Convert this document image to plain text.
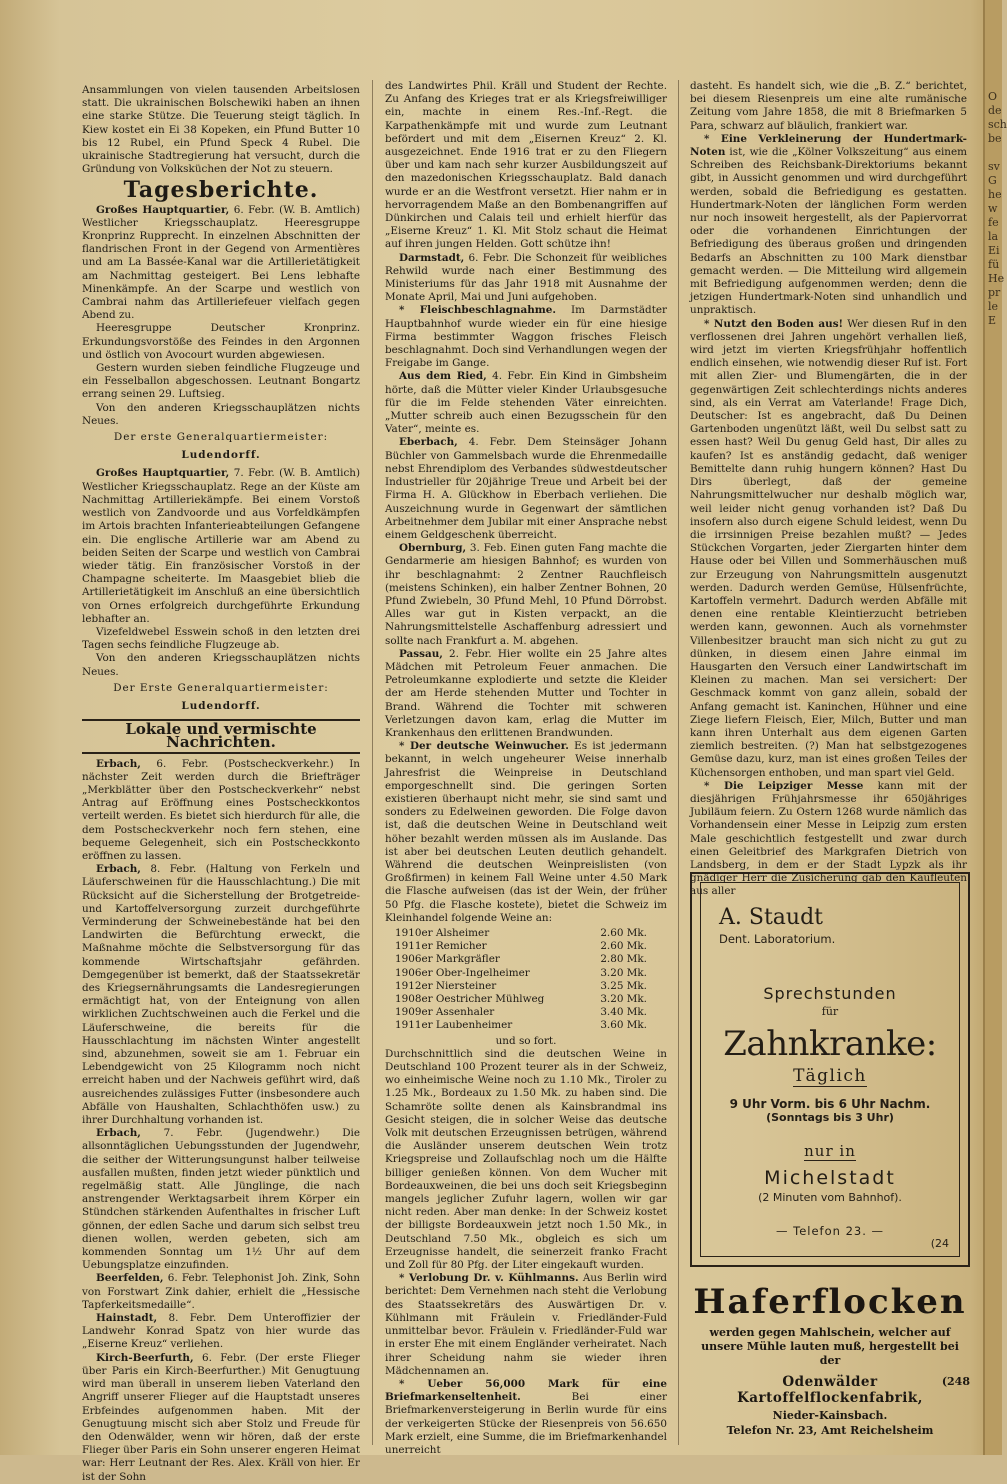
Ansammlungen von vielen tausenden Arbeitslosen statt. Die ukrainischen Bolschewiki haben an ihnen eine starke Stütze. Die Teuerung steigt täglich. In Kiew kostet ein Ei 38 Kopeken, ein Pfund Butter 10 bis 12 Rubel, ein Pfund Speck 4 Rubel. Die ukrainische Stadtregierung hat versucht, durch die Gründung von Volksküchen der Not zu steuern.

Tagesberichte.

Großes Hauptquartier, 6. Febr. (W. B. Amtlich) Westlicher Kriegsschauplatz. Heeresgruppe Kronprinz Rupprecht. In einzelnen Abschnitten der flandrischen Front in der Gegend von Armentières und am La Bassée-Kanal war die Artillerietätigkeit am Nachmittag gesteigert. Bei Lens lebhafte Minenkämpfe. An der Scarpe und westlich von Cambrai nahm das Artilleriefeuer vielfach gegen Abend zu.

Heeresgruppe Deutscher Kronprinz. Erkundungsvorstöße des Feindes in den Argonnen und östlich von Avocourt wurden abgewiesen.

Gestern wurden sieben feindliche Flugzeuge und ein Fesselballon abgeschossen. Leutnant Bongartz errang seinen 29. Luftsieg.

Von den anderen Kriegsschauplätzen nichts Neues.

Der erste Generalquartiermeister:

Ludendorff.

Großes Hauptquartier, 7. Febr. (W. B. Amtlich) Westlicher Kriegsschauplatz. Rege an der Küste am Nachmittag Artilleriekämpfe. Bei einem Vorstoß westlich von Zandvoorde und aus Vorfeldkämpfen im Artois brachten Infanterieabteilungen Gefangene ein. Die englische Artillerie war am Abend zu beiden Seiten der Scarpe und westlich von Cambrai wieder tätig. Ein französischer Vorstoß in der Champagne scheiterte. Im Maasgebiet blieb die Artillerietätigkeit im Anschluß an eine übersichtlich von Ornes erfolgreich durchgeführte Erkundung lebhafter an.

Vizefeldwebel Esswein schoß in den letzten drei Tagen sechs feindliche Flugzeuge ab.

Von den anderen Kriegsschauplätzen nichts Neues.

Der Erste Generalquartiermeister:

Ludendorff.

Lokale und vermischte Nachrichten.

Erbach, 6. Febr. (Postscheckverkehr.) In nächster Zeit werden durch die Briefträger „Merkblätter über den Postscheckverkehr“ nebst Antrag auf Eröffnung eines Postscheckkontos verteilt werden. Es bietet sich hierdurch für alle, die dem Postscheckverkehr noch fern stehen, eine bequeme Gelegenheit, sich ein Postscheckkonto eröffnen zu lassen.

Erbach, 8. Febr. (Haltung von Ferkeln und Läuferschweinen für die Hausschlachtung.) Die mit Rücksicht auf die Sicherstellung der Brotgetreide- und Kartoffelversorgung zurzeit durchgeführte Verminderung der Schweinebestände hat bei den Landwirten die Befürchtung erweckt, die Maßnahme möchte die Selbstversorgung für das kommende Wirtschaftsjahr gefährden. Demgegenüber ist bemerkt, daß der Staatssekretär des Kriegsernährungsamts die Landesregierungen ermächtigt hat, von der Enteignung von allen wirklichen Zuchtschweinen auch die Ferkel und die Läuferschweine, die bereits für die Hausschlachtung im nächsten Winter angestellt sind, abzunehmen, soweit sie am 1. Februar ein Lebendgewicht von 25 Kilogramm noch nicht erreicht haben und der Nachweis geführt wird, daß ausreichendes zulässiges Futter (insbesondere auch Abfälle von Haushalten, Schlachthöfen usw.) zu ihrer Durchhaltung vorhanden ist.

Erbach, 7. Febr. (Jugendwehr.) Die allsonntäglichen Uebungsstunden der Jugendwehr, die seither der Witterungsungunst halber teilweise ausfallen mußten, finden jetzt wieder pünktlich und regelmäßig statt. Alle Jünglinge, die nach anstrengender Werktagsarbeit ihrem Körper ein Stündchen stärkenden Aufenthaltes in frischer Luft gönnen, der edlen Sache und darum sich selbst treu dienen wollen, werden gebeten, sich am kommenden Sonntag um 1½ Uhr auf dem Uebungsplatze einzufinden.

Beerfelden, 6. Febr. Telephonist Joh. Zink, Sohn von Forstwart Zink dahier, erhielt die „Hessische Tapferkeitsmedaille“.

Hainstadt, 8. Febr. Dem Unteroffizier der Landwehr Konrad Spatz von hier wurde das „Eiserne Kreuz“ verliehen.

Kirch-Beerfurth, 6. Febr. (Der erste Flieger über Paris ein Kirch-Beerfurther.) Mit Genugtuung wird man überall in unserem lieben Vaterland den Angriff unserer Flieger auf die Hauptstadt unseres Erbfeindes aufgenommen haben. Mit der Genugtuung mischt sich aber Stolz und Freude für den Odenwälder, wenn wir hören, daß der erste Flieger über Paris ein Sohn unserer engeren Heimat war: Herr Leutnant der Res. Alex. Kräll von hier. Er ist der Sohn

des Landwirtes Phil. Kräll und Student der Rechte. Zu Anfang des Krieges trat er als Kriegsfreiwilliger ein, machte in einem Res.-Inf.-Regt. die Karpathenkämpfe mit und wurde zum Leutnant befördert und mit dem „Eisernen Kreuz“ 2. Kl. ausgezeichnet. Ende 1916 trat er zu den Fliegern über und kam nach sehr kurzer Ausbildungszeit auf den mazedonischen Kriegsschauplatz. Bald danach wurde er an die Westfront versetzt. Hier nahm er in hervorragendem Maße an den Bombenangriffen auf Dünkirchen und Calais teil und erhielt hierfür das „Eiserne Kreuz“ 1. Kl. Mit Stolz schaut die Heimat auf ihren jungen Helden. Gott schütze ihn!

Darmstadt, 6. Febr. Die Schonzeit für weibliches Rehwild wurde nach einer Bestimmung des Ministeriums für das Jahr 1918 mit Ausnahme der Monate April, Mai und Juni aufgehoben.

* Fleischbeschlagnahme. Im Darmstädter Hauptbahnhof wurde wieder ein für eine hiesige Firma bestimmter Waggon frisches Fleisch beschlagnahmt. Doch sind Verhandlungen wegen der Freigabe im Gange.

Aus dem Ried, 4. Febr. Ein Kind in Gimbsheim hörte, daß die Mütter vieler Kinder Urlaubsgesuche für die im Felde stehenden Väter einreichten. „Mutter schreib auch einen Bezugsschein für den Vater“, meinte es.

Eberbach, 4. Febr. Dem Steinsäger Johann Büchler von Gammelsbach wurde die Ehrenmedaille nebst Ehrendiplom des Verbandes südwestdeutscher Industrieller für 20jährige Treue und Arbeit bei der Firma H. A. Glückhow in Eberbach verliehen. Die Auszeichnung wurde in Gegenwart der sämtlichen Arbeitnehmer dem Jubilar mit einer Ansprache nebst einem Geldgeschenk überreicht.

Obernburg, 3. Feb. Einen guten Fang machte die Gendarmerie am hiesigen Bahnhof; es wurden von ihr beschlagnahmt: 2 Zentner Rauchfleisch (meistens Schinken), ein halber Zentner Bohnen, 20 Pfund Zwiebeln, 30 Pfund Mehl, 10 Pfund Dörrobst. Alles war gut in Kisten verpackt, an die Nahrungsmittelstelle Aschaffenburg adressiert und sollte nach Frankfurt a. M. abgehen.

Passau, 2. Febr. Hier wollte ein 25 Jahre altes Mädchen mit Petroleum Feuer anmachen. Die Petroleumkanne explodierte und setzte die Kleider der am Herde stehenden Mutter und Tochter in Brand. Während die Tochter mit schweren Verletzungen davon kam, erlag die Mutter im Krankenhaus den erlittenen Brandwunden.

* Der deutsche Weinwucher. Es ist jedermann bekannt, in welch ungeheurer Weise innerhalb Jahresfrist die Weinpreise in Deutschland emporgeschnellt sind. Die geringen Sorten existieren überhaupt nicht mehr, sie sind samt und sonders zu Edelweinen geworden. Die Folge davon ist, daß die deutschen Weine in Deutschland weit höher bezahlt werden müssen als im Auslande. Das ist aber bei deutschen Leuten deutlich gehandelt. Während die deutschen Weinpreislisten (von Großfirmen) in keinem Fall Weine unter 4.50 Mark die Flasche aufweisen (das ist der Wein, der früher 50 Pfg. die Flasche kostete), bietet die Schweiz im Kleinhandel folgende Weine an:

1910er Alsheimer	2.60 Mk.
1911er Remicher	2.60 Mk.
1906er Markgräfler	2.80 Mk.
1906er Ober-Ingelheimer	3.20 Mk.
1912er Niersteiner	3.25 Mk.
1908er Oestricher Mühlweg	3.20 Mk.
1909er Assenhaler	3.40 Mk.
1911er Laubenheimer	3.60 Mk.

und so fort.

Durchschnittlich sind die deutschen Weine in Deutschland 100 Prozent teurer als in der Schweiz, wo einheimische Weine noch zu 1.10 Mk., Tiroler zu 1.25 Mk., Bordeaux zu 1.50 Mk. zu haben sind. Die Schamröte sollte denen als Kainsbrandmal ins Gesicht steigen, die in solcher Weise das deutsche Volk mit deutschen Erzeugnissen betrügen, während die Ausländer unserem deutschen Wein trotz Kriegspreise und Zollaufschlag noch um die Hälfte billiger genießen können. Von dem Wucher mit Bordeauxweinen, die bei uns doch seit Kriegsbeginn mangels jeglicher Zufuhr lagern, wollen wir gar nicht reden. Aber man denke: In der Schweiz kostet der billigste Bordeauxwein jetzt noch 1.50 Mk., in Deutschland 7.50 Mk., obgleich es sich um Erzeugnisse handelt, die seinerzeit franko Fracht und Zoll für 80 Pfg. der Liter eingekauft wurden.

* Verlobung Dr. v. Kühlmanns. Aus Berlin wird berichtet: Dem Vernehmen nach steht die Verlobung des Staatssekretärs des Auswärtigen Dr. v. Kühlmann mit Fräulein v. Friedländer-Fuld unmittelbar bevor. Fräulein v. Friedländer-Fuld war in erster Ehe mit einem Engländer verheiratet. Nach ihrer Scheidung nahm sie wieder ihren Mädchennamen an.

* Ueber 56,000 Mark für eine Briefmarkenseltenheit. Bei einer Briefmarkenversteigerung in Berlin wurde für eins der verkeigerten Stücke der Riesenpreis von 56.650 Mark erzielt, eine Summe, die im Briefmarkenhandel unerreicht

dasteht. Es handelt sich, wie die „B. Z.“ berichtet, bei diesem Riesenpreis um eine alte rumänische Zeitung vom Jahre 1858, die mit 8 Briefmarken 5 Para, schwarz auf bläulich, frankiert war.

* Eine Verkleinerung der Hundertmark-Noten ist, wie die „Kölner Volkszeitung“ aus einem Schreiben des Reichsbank-Direktoriums bekannt gibt, in Aussicht genommen und wird durchgeführt werden, sobald die Befriedigung es gestatten. Hundertmark-Noten der länglichen Form werden nur noch insoweit hergestellt, als der Papiervorrat oder die vorhandenen Einrichtungen der Befriedigung des überaus großen und dringenden Bedarfs an Abschnitten zu 100 Mark dienstbar gemacht werden. — Die Mitteilung wird allgemein mit Befriedigung aufgenommen werden; denn die jetzigen Hundertmark-Noten sind unhandlich und unpraktisch.

* Nutzt den Boden aus! Wer diesen Ruf in den verflossenen drei Jahren ungehört verhallen ließ, wird jetzt im vierten Kriegsfrühjahr hoffentlich endlich einsehen, wie notwendig dieser Ruf ist. Fort mit allen Zier- und Blumengärten, die in der gegenwärtigen Zeit schlechterdings nichts anderes sind, als ein Verrat am Vaterlande! Frage Dich, Deutscher: Ist es angebracht, daß Du Deinen Gartenboden ungenützt läßt, weil Du selbst satt zu essen hast? Weil Du genug Geld hast, Dir alles zu kaufen? Ist es anständig gedacht, daß weniger Bemittelte dann ruhig hungern können? Hast Du Dirs überlegt, daß der gemeine Nahrungsmittelwucher nur deshalb möglich war, weil leider nicht genug vorhanden ist? Daß Du insofern also durch eigene Schuld leidest, wenn Du die irrsinnigen Preise bezahlen mußt? — Jedes Stückchen Vorgarten, jeder Ziergarten hinter dem Hause oder bei Villen und Sommerhäuschen muß zur Erzeugung von Nahrungsmitteln ausgenutzt werden. Dadurch werden Gemüse, Hülsenfrüchte, Kartoffeln vermehrt. Dadurch werden Abfälle mit denen eine rentable Kleintierzucht betrieben werden kann, gewonnen. Auch als vornehmster Villenbesitzer braucht man sich nicht zu gut zu dünken, in diesem einen Jahre einmal im Hausgarten den Versuch einer Landwirtschaft im Kleinen zu machen. Man sei versichert: Der Geschmack kommt von ganz allein, sobald der Anfang gemacht ist. Kaninchen, Hühner und eine Ziege liefern Fleisch, Eier, Milch, Butter und man kann ihren Unterhalt aus dem eigenen Garten ziemlich bestreiten. (?) Man hat selbstgezogenes Gemüse dazu, kurz, man ist eines großen Teiles der Küchensorgen enthoben, und man spart viel Geld.

* Die Leipziger Messe kann mit der diesjährigen Frühjahrsmesse ihr 650jähriges Jubiläum feiern. Zu Ostern 1268 wurde nämlich das Vorhandensein einer Messe in Leipzig zum ersten Male geschichtlich festgestellt und zwar durch einen Geleitbrief des Markgrafen Dietrich von Landsberg, in dem er der Stadt Lypzk als ihr gnädiger Herr die Zusicherung gab den Kaufleuten aus aller

A. Staudt
Dent. Laboratorium.
Sprechstunden
für
Zahnkranke:
Täglich
9 Uhr Vorm. bis 6 Uhr Nachm.
(Sonntags bis 3 Uhr)
nur in
Michelstadt
(2 Minuten vom Bahnhof).
— Telefon 23. —
(24
Haferflocken
werden gegen Mahlschein, welcher auf unsere Mühle lauten muß, hergestellt bei der
Odenwälder Kartoffelflockenfabrik,
Nieder-Kainsbach.
Telefon Nr. 23, Amt Reichelsheim
(248
O
de
sch
be

sv
G
he
w
fe
la
Ei
fü
He
pr
le
E
